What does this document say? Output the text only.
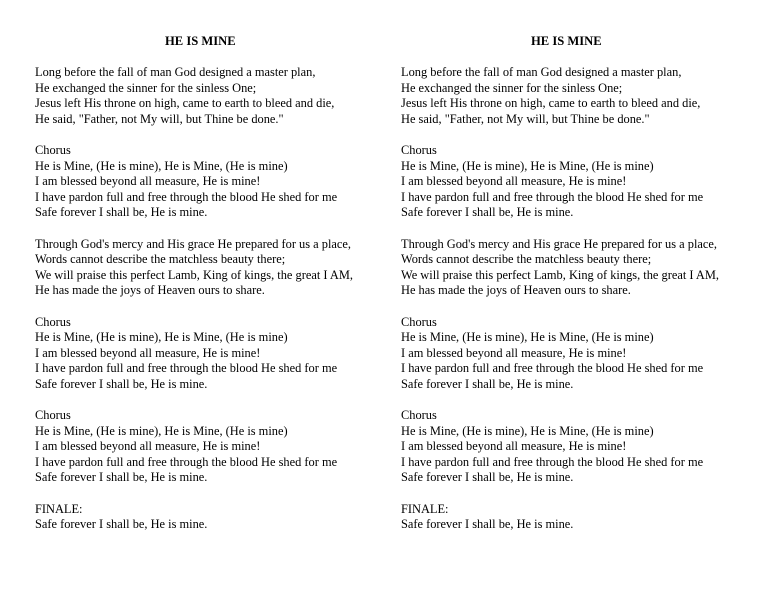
HE IS MINE
Long before the fall of man God designed a master plan,
He exchanged the sinner for the sinless One;
Jesus left His throne on high, came to earth to bleed and die,
He said, "Father, not My will, but Thine be done."
Chorus
He is Mine, (He is mine), He is Mine, (He is mine)
I am blessed beyond all measure, He is mine!
I have pardon full and free through the blood He shed for me
Safe forever I shall be, He is mine.
Through God's mercy and His grace He prepared for us a place,
Words cannot describe the matchless beauty there;
We will praise this perfect Lamb, King of kings, the great I AM,
He has made the joys of Heaven ours to share.
Chorus
He is Mine, (He is mine), He is Mine, (He is mine)
I am blessed beyond all measure, He is mine!
I have pardon full and free through the blood He shed for me
Safe forever I shall be, He is mine.
Chorus
He is Mine, (He is mine), He is Mine, (He is mine)
I am blessed beyond all measure, He is mine!
I have pardon full and free through the blood He shed for me
Safe forever I shall be, He is mine.
FINALE:
Safe forever I shall be, He is mine.
HE IS MINE
Long before the fall of man God designed a master plan,
He exchanged the sinner for the sinless One;
Jesus left His throne on high, came to earth to bleed and die,
He said, "Father, not My will, but Thine be done."
Chorus
He is Mine, (He is mine), He is Mine, (He is mine)
I am blessed beyond all measure, He is mine!
I have pardon full and free through the blood He shed for me
Safe forever I shall be, He is mine.
Through God's mercy and His grace He prepared for us a place,
Words cannot describe the matchless beauty there;
We will praise this perfect Lamb, King of kings, the great I AM,
He has made the joys of Heaven ours to share.
Chorus
He is Mine, (He is mine), He is Mine, (He is mine)
I am blessed beyond all measure, He is mine!
I have pardon full and free through the blood He shed for me
Safe forever I shall be, He is mine.
Chorus
He is Mine, (He is mine), He is Mine, (He is mine)
I am blessed beyond all measure, He is mine!
I have pardon full and free through the blood He shed for me
Safe forever I shall be, He is mine.
FINALE:
Safe forever I shall be, He is mine.
